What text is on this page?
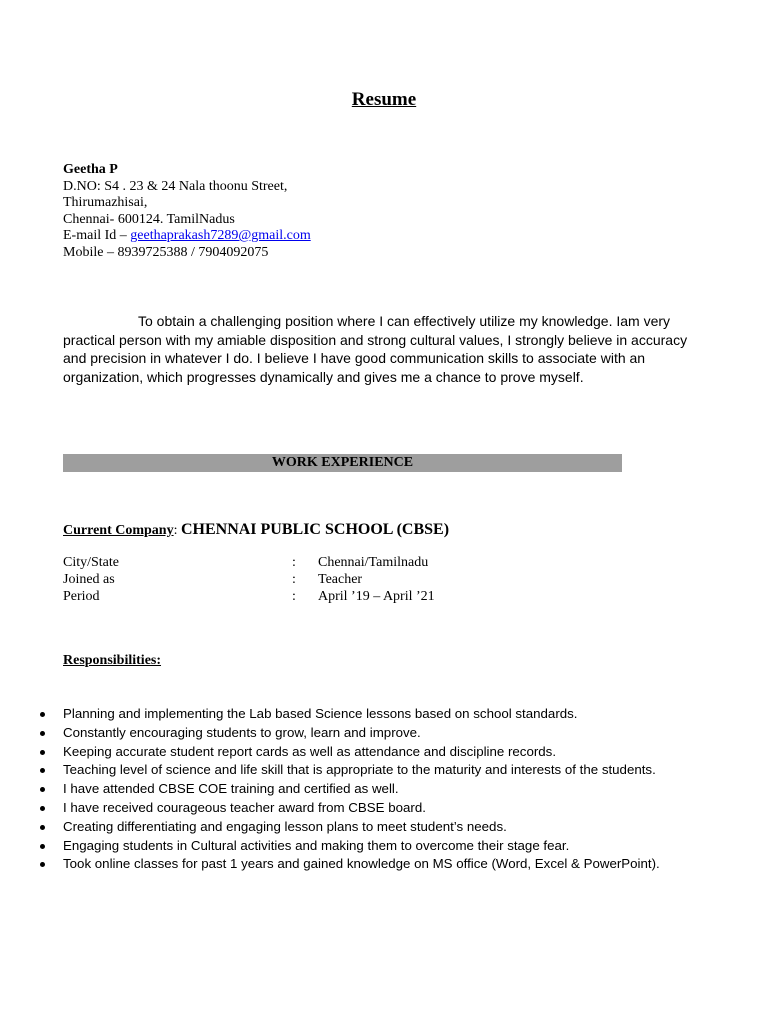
Resume
Geetha P
D.NO: S4 . 23 & 24 Nala thoonu Street,
Thirumazhisai,
Chennai- 600124. TamilNadus
E-mail Id – geethaprakash7289@gmail.com
Mobile – 8939725388 / 7904092075
To obtain a challenging position where I can effectively utilize my knowledge. Iam very practical person with my amiable disposition and strong cultural values, I strongly believe in accuracy and precision in whatever I do. I believe I have good communication skills to associate with an organization, which progresses dynamically and gives me a chance to prove myself.
WORK EXPERIENCE
Current Company: CHENNAI PUBLIC SCHOOL (CBSE)
City/State	: Chennai/Tamilnadu
Joined as	: Teacher
Period	: April ’19 – April ’21
Responsibilities:
Planning and implementing the Lab based Science lessons based on school standards.
Constantly encouraging students to grow, learn and improve.
Keeping accurate student report cards as well as attendance and discipline records.
Teaching level of science and life skill that is appropriate to the maturity and interests of the students.
I have attended CBSE COE training and certified as well.
I have received courageous teacher award from CBSE board.
Creating differentiating and engaging lesson plans to meet student’s needs.
Engaging students in Cultural activities and making them to overcome their stage fear.
Took online classes for past 1 years and gained knowledge on MS office (Word, Excel & PowerPoint).
